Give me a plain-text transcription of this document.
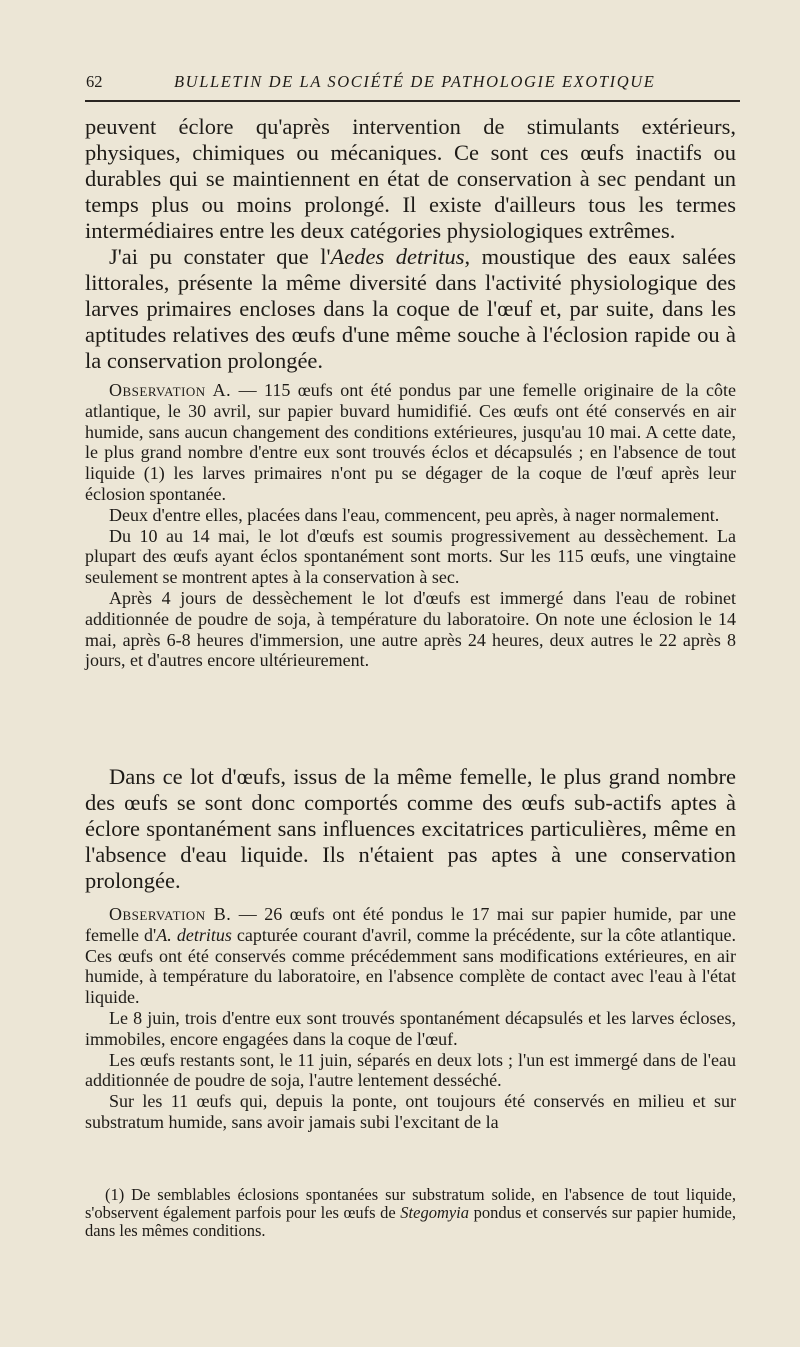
62	BULLETIN DE LA SOCIÉTÉ DE PATHOLOGIE EXOTIQUE

peuvent éclore qu'après intervention de stimulants extérieurs, physiques, chimiques ou mécaniques. Ce sont ces œufs inactifs ou durables qui se maintiennent en état de conservation à sec pendant un temps plus ou moins prolongé. Il existe d'ailleurs tous les termes intermédiaires entre les deux catégories physiologiques extrêmes.

J'ai pu constater que l'Aedes detritus, moustique des eaux salées littorales, présente la même diversité dans l'activité physiologique des larves primaires encloses dans la coque de l'œuf et, par suite, dans les aptitudes relatives des œufs d'une même souche à l'éclosion rapide ou à la conservation prolongée.

Observation A. — 115 œufs ont été pondus par une femelle originaire de la côte atlantique, le 30 avril, sur papier buvard humidifié. Ces œufs ont été conservés en air humide, sans aucun changement des conditions extérieures, jusqu'au 10 mai. A cette date, le plus grand nombre d'entre eux sont trouvés éclos et décapsulés ; en l'absence de tout liquide (1) les larves primaires n'ont pu se dégager de la coque de l'œuf après leur éclosion spontanée.

Deux d'entre elles, placées dans l'eau, commencent, peu après, à nager normalement.

Du 10 au 14 mai, le lot d'œufs est soumis progressivement au dessèchement. La plupart des œufs ayant éclos spontanément sont morts. Sur les 115 œufs, une vingtaine seulement se montrent aptes à la conservation à sec.

Après 4 jours de dessèchement le lot d'œufs est immergé dans l'eau de robinet additionnée de poudre de soja, à température du laboratoire. On note une éclosion le 14 mai, après 6-8 heures d'immersion, une autre après 24 heures, deux autres le 22 après 8 jours, et d'autres encore ultérieurement.

Dans ce lot d'œufs, issus de la même femelle, le plus grand nombre des œufs se sont donc comportés comme des œufs sub-actifs aptes à éclore spontanément sans influences excitatrices particulières, même en l'absence d'eau liquide. Ils n'étaient pas aptes à une conservation prolongée.

Observation B. — 26 œufs ont été pondus le 17 mai sur papier humide, par une femelle d'A. detritus capturée courant d'avril, comme la précédente, sur la côte atlantique. Ces œufs ont été conservés comme précédemment sans modifications extérieures, en air humide, à température du laboratoire, en l'absence complète de contact avec l'eau à l'état liquide.

Le 8 juin, trois d'entre eux sont trouvés spontanément décapsulés et les larves écloses, immobiles, encore engagées dans la coque de l'œuf.

Les œufs restants sont, le 11 juin, séparés en deux lots ; l'un est immergé dans de l'eau additionnée de poudre de soja, l'autre lentement desséché.

Sur les 11 œufs qui, depuis la ponte, ont toujours été conservés en milieu et sur substratum humide, sans avoir jamais subi l'excitant de la

(1) De semblables éclosions spontanées sur substratum solide, en l'absence de tout liquide, s'observent également parfois pour les œufs de Stegomyia pondus et conservés sur papier humide, dans les mêmes conditions.
